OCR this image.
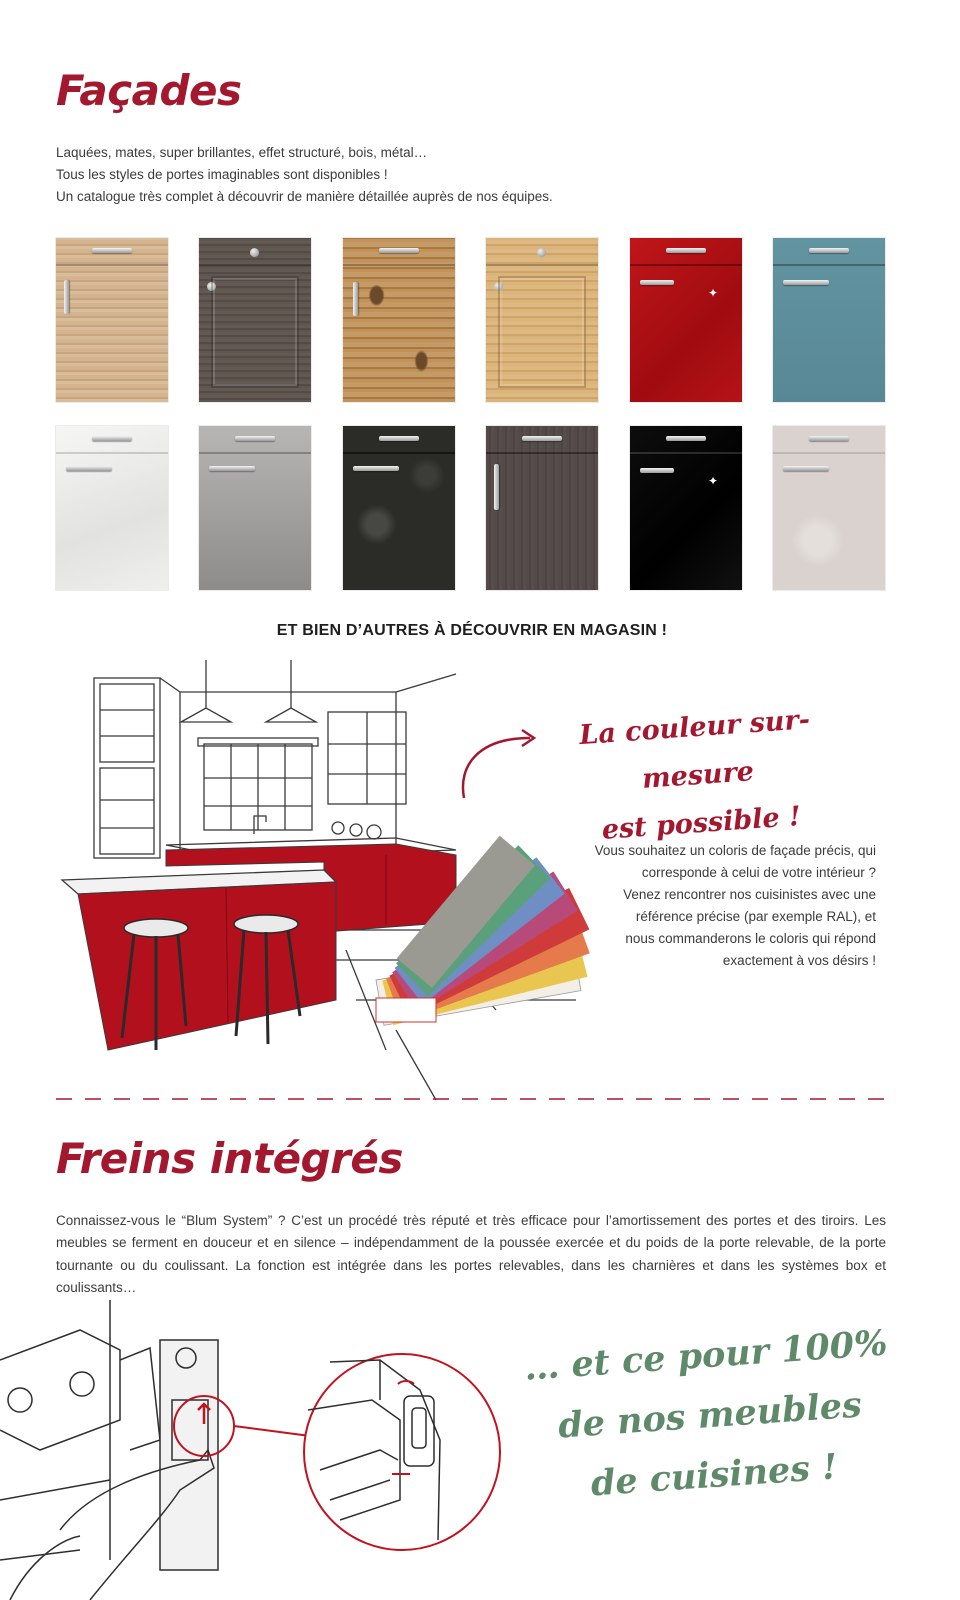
Façades
Laquées, mates, super brillantes, effet structuré, bois, métal…
Tous les styles de portes imaginables sont disponibles !
Un catalogue très complet à découvrir de manière détaillée auprès de nos équipes.
✦
✦
ET BIEN D’AUTRES À DÉCOUVRIR EN MAGASIN !
La couleur sur-mesure
est possible !
Vous souhaitez un coloris de façade précis, qui
corresponde à celui de votre intérieur ?
Venez rencontrer nos cuisinistes avec une
référence précise (par exemple RAL), et
nous commanderons le coloris qui répond
exactement à vos désirs !
Freins intégrés
Connaissez-vous le “Blum System” ? C’est un procédé très réputé et très efficace pour l’amortissement des portes et des tiroirs. Les meubles se ferment en douceur et en silence – indépendamment de la poussée exercée et du poids de la porte relevable, de la porte tournante ou du coulissant. La fonction est intégrée dans les portes relevables, dans les charnières et dans les systèmes box et coulissants…
… et ce pour 100%
de nos meubles
de cuisines !
